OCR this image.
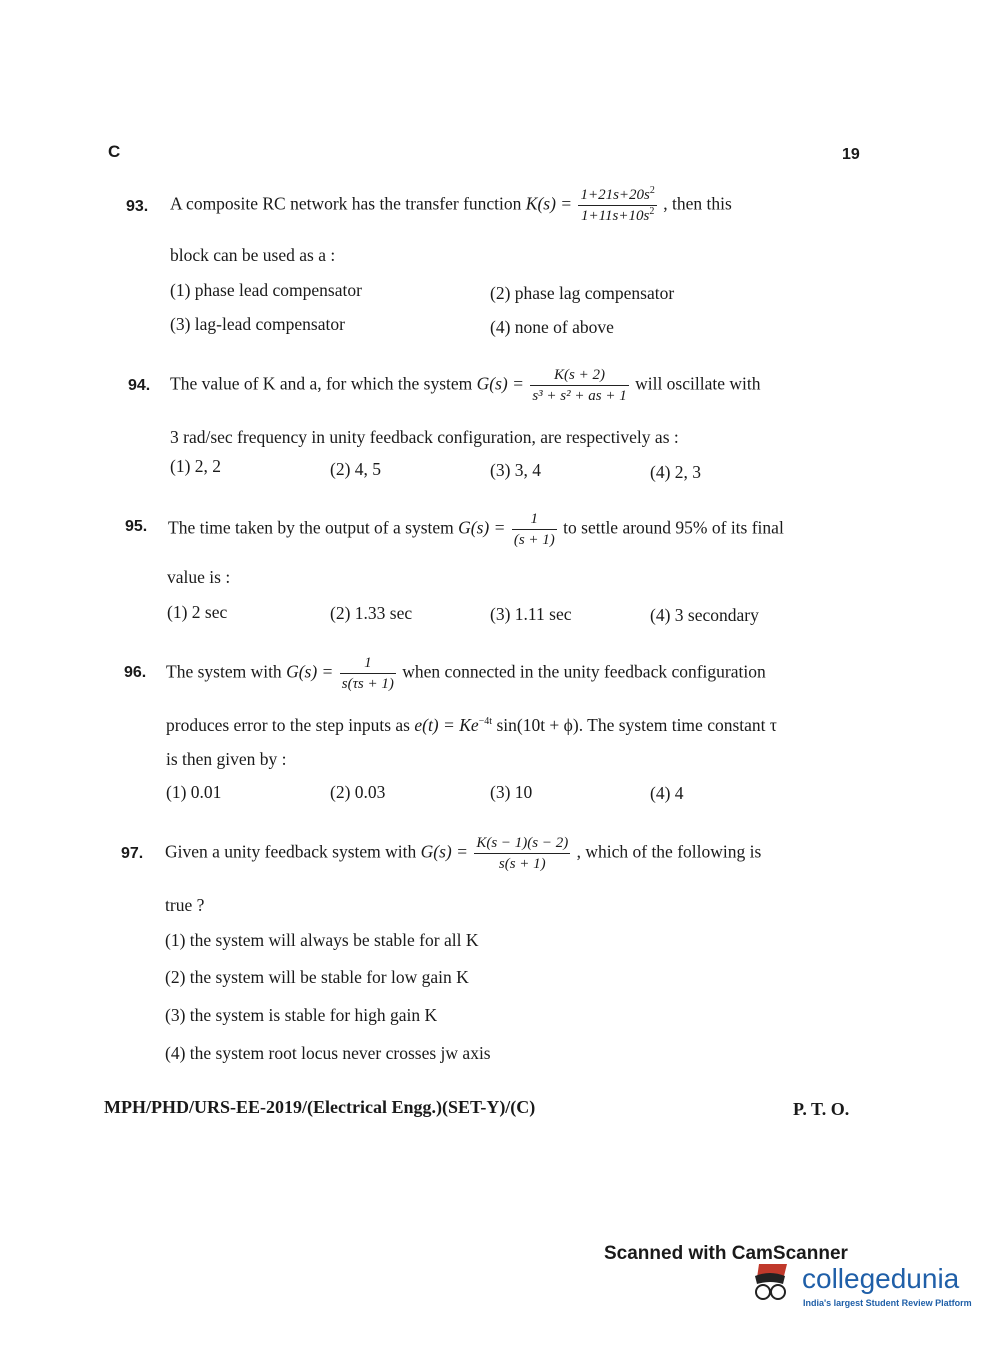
C	19
93. A composite RC network has the transfer function $K(s) = \frac{1+21s+20s^2}{1+11s+10s^2}$ , then this
block can be used as a :
(1) phase lead compensator	(2) phase lag compensator
(3) lag-lead compensator	(4) none of above
94. The value of K and a, for which the system $G(s) = \frac{K(s + 2)}{\text{s³ + s² + as + 1}}$ will oscillate with
3 rad/sec frequency in unity feedback configuration, are respectively as :
(1) 2, 2	(2) 4, 5	(3) 3, 4	(4) 2, 3
95. The time taken by the output of a system $G(s) = \frac{1}{(s + 1)}$ to settle around 95% of its final
value is :
(1) 2 sec	(2) 1.33 sec	(3) 1.11 sec	(4) 3 secondary
96. The system with $G(s) = \frac{1}{s(\tau s + 1)}$ when connected in the unity feedback configuration
produces error to the step inputs as $e(t) = Ke^{-4t}$ sin(10t + ϕ). The system time constant τ
is then given by :
(1) 0.01	(2) 0.03	(3) 10	(4) 4
97. Given a unity feedback system with $G(s) = \frac{K(s - 1)(s - 2)}{s(s + 1)}$ , which of the following is
true ?
(1) the system will always be stable for all K
(2) the system will be stable for low gain K
(3) the system is stable for high gain K
(4) the system root locus never crosses jw axis
MPH/PHD/URS-EE-2019/(Electrical Engg.)(SET-Y)/(C)	P. T. O.
Scanned with CamScanner
collegedunia
India's largest Student Review Platform
